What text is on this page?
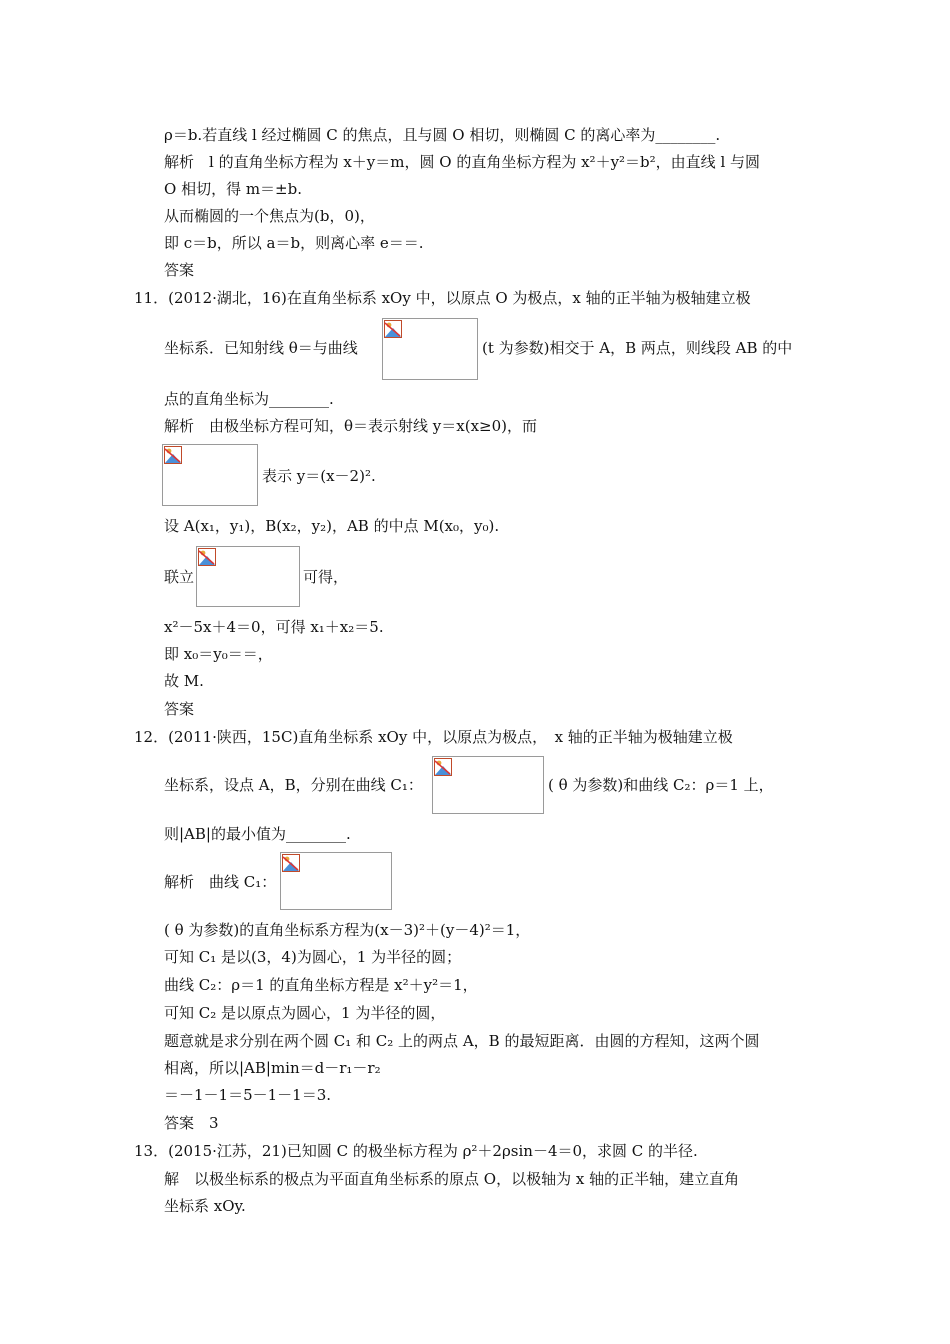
ρ＝b.若直线 l 经过椭圆 C 的焦点，且与圆 O 相切，则椭圆 C 的离心率为________.
解析　l 的直角坐标方程为 x＋y＝m，圆 O 的直角坐标方程为 x²＋y²＝b²，由直线 l 与圆
O 相切，得 m＝±b.
从而椭圆的一个焦点为(b，0)，
即 c＝b，所以 a＝b，则离心率 e＝＝.
答案
11．(2012·湖北，16)在直角坐标系 xOy 中，以原点 O 为极点，x 轴的正半轴为极轴建立极
坐标系．已知射线 θ＝与曲线	(t 为参数)相交于 A，B 两点，则线段 AB 的中
点的直角坐标为________.
解析　由极坐标方程可知，θ＝表示射线 y＝x(x≥0)，而
表示 y＝(x－2)².
设 A(x₁，y₁)，B(x₂，y₂)，AB 的中点 M(x₀，y₀).
联立	可得，
x²－5x＋4＝0，可得 x₁＋x₂＝5.
即 x₀＝y₀＝＝，
故 M.
答案
12．(2011·陕西，15C)直角坐标系 xOy 中，以原点为极点，　x 轴的正半轴为极轴建立极
坐标系，设点 A，B，分别在曲线 C₁：	( θ 为参数)和曲线 C₂：ρ＝1 上，
则|AB|的最小值为________.
解析　曲线 C₁：
( θ 为参数)的直角坐标系方程为(x－3)²＋(y－4)²＝1，
可知 C₁ 是以(3，4)为圆心，1 为半径的圆；
曲线 C₂：ρ＝1 的直角坐标方程是 x²＋y²＝1，
可知 C₂ 是以原点为圆心，1 为半径的圆，
题意就是求分别在两个圆 C₁ 和 C₂ 上的两点 A，B 的最短距离．由圆的方程知，这两个圆
相离，所以|AB|min＝d－r₁－r₂
＝－1－1＝5－1－1＝3.
答案　3
13．(2015·江苏，21)已知圆 C 的极坐标方程为 ρ²＋2ρsin－4＝0，求圆 C 的半径.
解　以极坐标系的极点为平面直角坐标系的原点 O，以极轴为 x 轴的正半轴，建立直角
坐标系 xOy.
